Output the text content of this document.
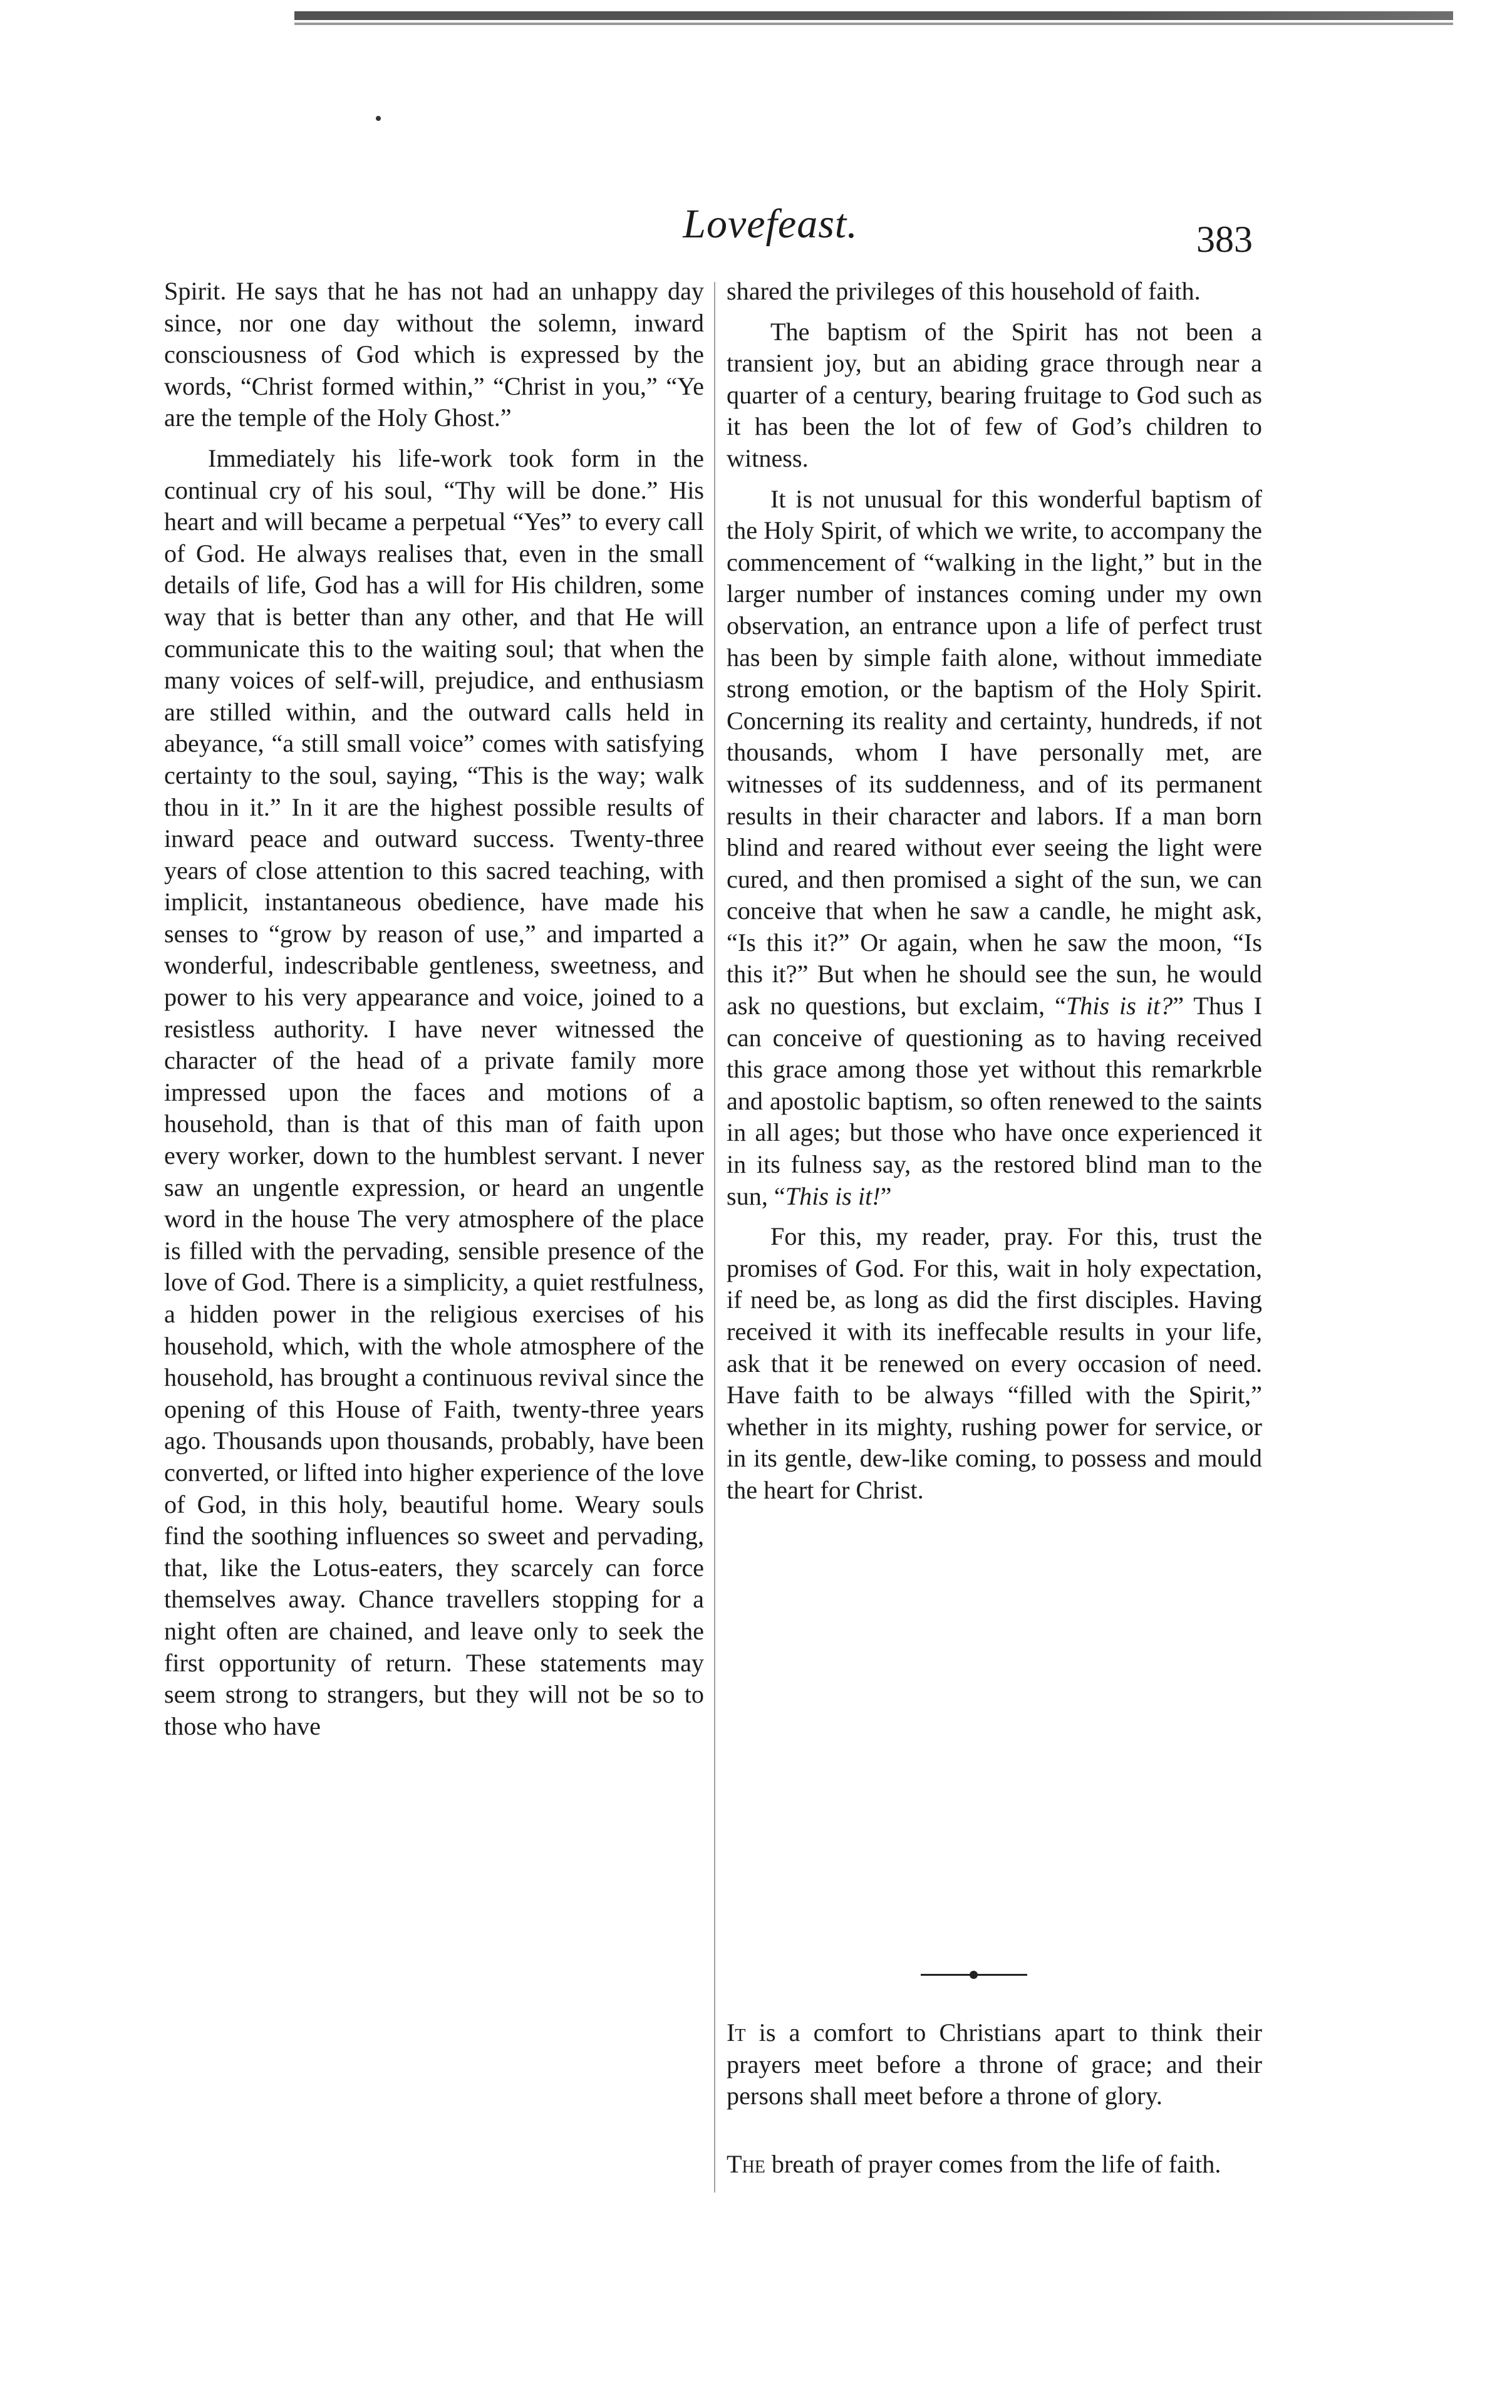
Lovefeast.	383

Spirit. He says that he has not had an unhappy day since, nor one day without the solemn, inward consciousness of God which is expressed by the words, “Christ formed within,” “Christ in you,” “Ye are the temple of the Holy Ghost.”

Immediately his life-work took form in the continual cry of his soul, “Thy will be done.” His heart and will became a perpetual “Yes” to every call of God. He always realises that, even in the small details of life, God has a will for His children, some way that is better than any other, and that He will communicate this to the waiting soul; that when the many voices of self-will, prejudice, and enthusiasm are stilled within, and the outward calls held in abeyance, “a still small voice” comes with satisfying certainty to the soul, saying, “This is the way; walk thou in it.” In it are the highest possible results of inward peace and outward success. Twenty-three years of close attention to this sacred teaching, with implicit, instantaneous obedience, have made his senses to “grow by reason of use,” and imparted a wonderful, indescribable gentleness, sweetness, and power to his very appearance and voice, joined to a resistless authority. I have never witnessed the character of the head of a private family more impressed upon the faces and motions of a household, than is that of this man of faith upon every worker, down to the humblest servant. I never saw an ungentle expression, or heard an ungentle word in the house The very atmosphere of the place is filled with the pervading, sensible presence of the love of God. There is a simplicity, a quiet restfulness, a hidden power in the religious exercises of his household, which, with the whole atmosphere of the household, has brought a continuous revival since the opening of this House of Faith, twenty-three years ago. Thousands upon thousands, probably, have been converted, or lifted into higher experience of the love of God, in this holy, beautiful home. Weary souls find the soothing influences so sweet and pervading, that, like the Lotus-eaters, they scarcely can force themselves away. Chance travellers stopping for a night often are chained, and leave only to seek the first opportunity of return. These statements may seem strong to strangers, but they will not be so to those who have

shared the privileges of this household of faith.

The baptism of the Spirit has not been a transient joy, but an abiding grace through near a quarter of a century, bearing fruitage to God such as it has been the lot of few of God’s children to witness.

It is not unusual for this wonderful baptism of the Holy Spirit, of which we write, to accompany the commencement of “walking in the light,” but in the larger number of instances coming under my own observation, an entrance upon a life of perfect trust has been by simple faith alone, without immediate strong emotion, or the baptism of the Holy Spirit. Concerning its reality and certainty, hundreds, if not thousands, whom I have personally met, are witnesses of its suddenness, and of its permanent results in their character and labors. If a man born blind and reared without ever seeing the light were cured, and then promised a sight of the sun, we can conceive that when he saw a candle, he might ask, “Is this it?” Or again, when he saw the moon, “Is this it?” But when he should see the sun, he would ask no questions, but exclaim, “This is it?” Thus I can conceive of questioning as to having received this grace among those yet without this remarkrble and apostolic baptism, so often renewed to the saints in all ages; but those who have once experienced it in its fulness say, as the restored blind man to the sun, “This is it!”

For this, my reader, pray. For this, trust the promises of God. For this, wait in holy expectation, if need be, as long as did the first disciples. Having received it with its ineffecable results in your life, ask that it be renewed on every occasion of need. Have faith to be always “filled with the Spirit,” whether in its mighty, rushing power for service, or in its gentle, dew-like coming, to possess and mould the heart for Christ.

It is a comfort to Christians apart to think their prayers meet before a throne of grace; and their persons shall meet before a throne of glory.

The breath of prayer comes from the life of faith.
